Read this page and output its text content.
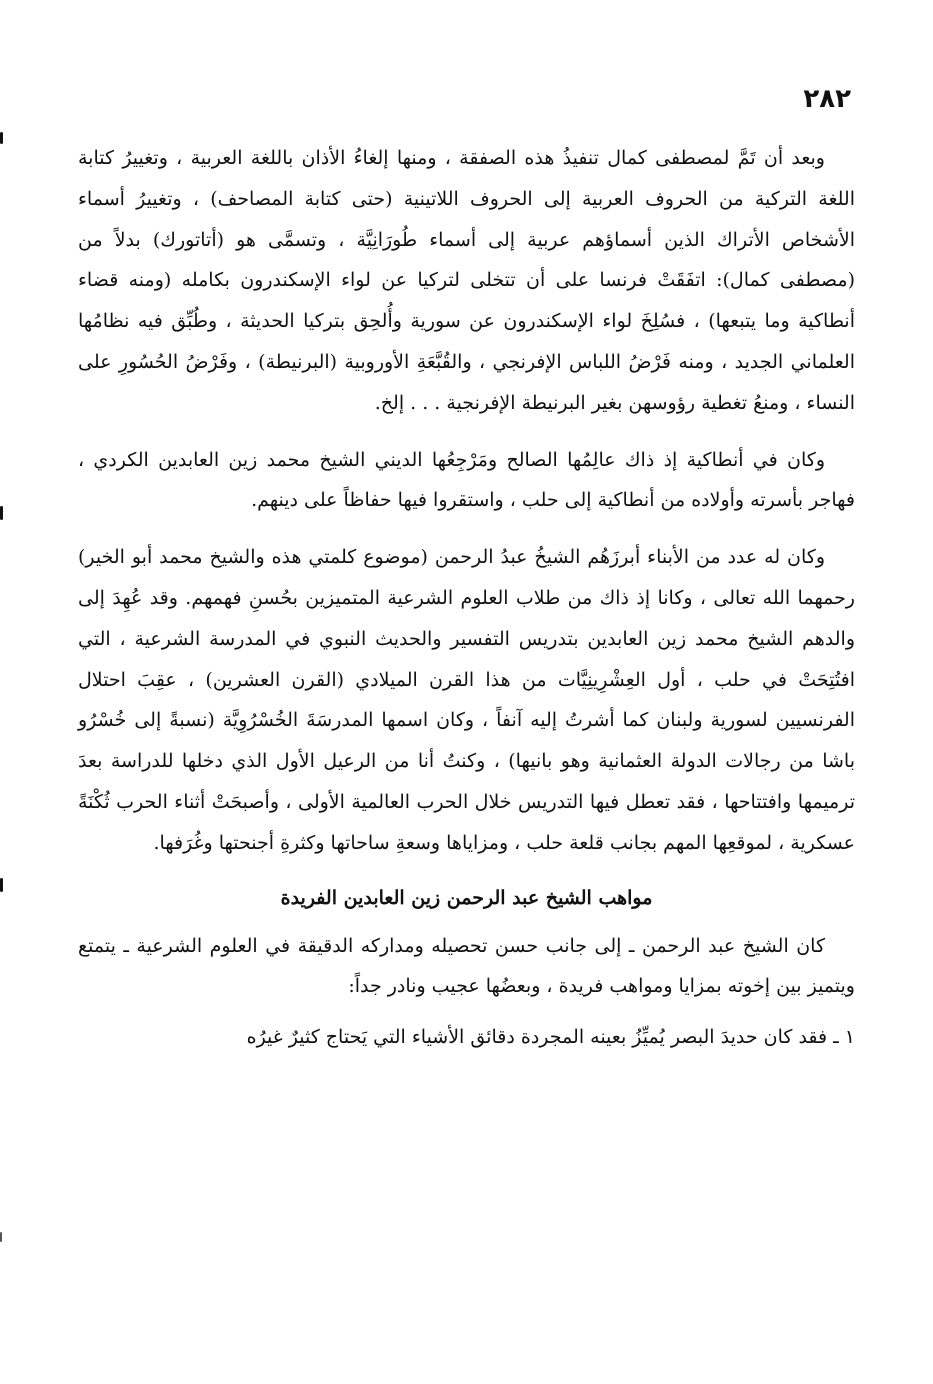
٢٨٢

وبعد أن تَمَّ لمصطفى كمال تنفيذُ هذه الصفقة ، ومنها إلغاءُ الأذان باللغة العربية ، وتغييرُ كتابة اللغة التركية من الحروف العربية إلى الحروف اللاتينية (حتى كتابة المصاحف) ، وتغييرُ أسماء الأشخاص الأتراك الذين أسماؤهم عربية إلى أسماء طُورَانِيَّة ، وتسمَّى هو (أتاتورك) بدلاً من (مصطفى كمال): اتفَقَتْ فرنسا على أن تتخلى لتركيا عن لواء الإسكندرون بكامله (ومنه قضاء أنطاكية وما يتبعها) ، فسُلِخَ لواء الإسكندرون عن سورية وأُلحِق بتركيا الحديثة ، وطُبِّق فيه نظامُها العلماني الجديد ، ومنه فَرْضُ اللباس الإفرنجي ، والقُبَّعَةِ الأوروبية (البرنيطة) ، وفَرْضُ الحُسُورِ على النساء ، ومنعُ تغطية رؤوسهن بغير البرنيطة الإفرنجية . . . إلخ.

وكان في أنطاكية إذ ذاك عالِمُها الصالح ومَرْجِعُها الديني الشيخ محمد زين العابدين الكردي ، فهاجر بأسرته وأولاده من أنطاكية إلى حلب ، واستقروا فيها حفاظاً على دينهم.

وكان له عدد من الأبناء أبرزَهُم الشيخُ عبدُ الرحمن (موضوع كلمتي هذه والشيخ محمد أبو الخير) رحمهما الله تعالى ، وكانا إذ ذاك من طلاب العلوم الشرعية المتميزين بحُسنِ فهمهم. وقد عُهِدَ إلى والدهم الشيخ محمد زين العابدين بتدريس التفسير والحديث النبوي في المدرسة الشرعية ، التي افتُتِحَتْ في حلب ، أول العِشْرِينِيَّات من هذا القرن الميلادي (القرن العشرين) ، عقِبَ احتلال الفرنسيين لسورية ولبنان كما أشرتُ إليه آنفاً ، وكان اسمها المدرسَةَ الخُسْرُوِيَّة (نسبةً إلى خُسْرُو باشا من رجالات الدولة العثمانية وهو بانيها) ، وكنتُ أنا من الرعيل الأول الذي دخلها للدراسة بعدَ ترميمها وافتتاحها ، فقد تعطل فيها التدريس خلال الحرب العالمية الأولى ، وأصبحَتْ أثناء الحرب ثُكْنَةً عسكرية ، لموقعِها المهم بجانب قلعة حلب ، ومزاياها وسعةِ ساحاتها وكثرةِ أجنحتها وغُرَفها.

مواهب الشيخ عبد الرحمن زين العابدين الفريدة

كان الشيخ عبد الرحمن ـ إلى جانب حسن تحصيله ومداركه الدقيقة في العلوم الشرعية ـ يتمتع ويتميز بين إخوته بمزايا ومواهب فريدة ، وبعضُها عجيب ونادر جداً:

١ ـ فقد كان حديدَ البصر يُميِّزُ بعينه المجردة دقائق الأشياء التي يَحتاج كثيرٌ غيرُه
